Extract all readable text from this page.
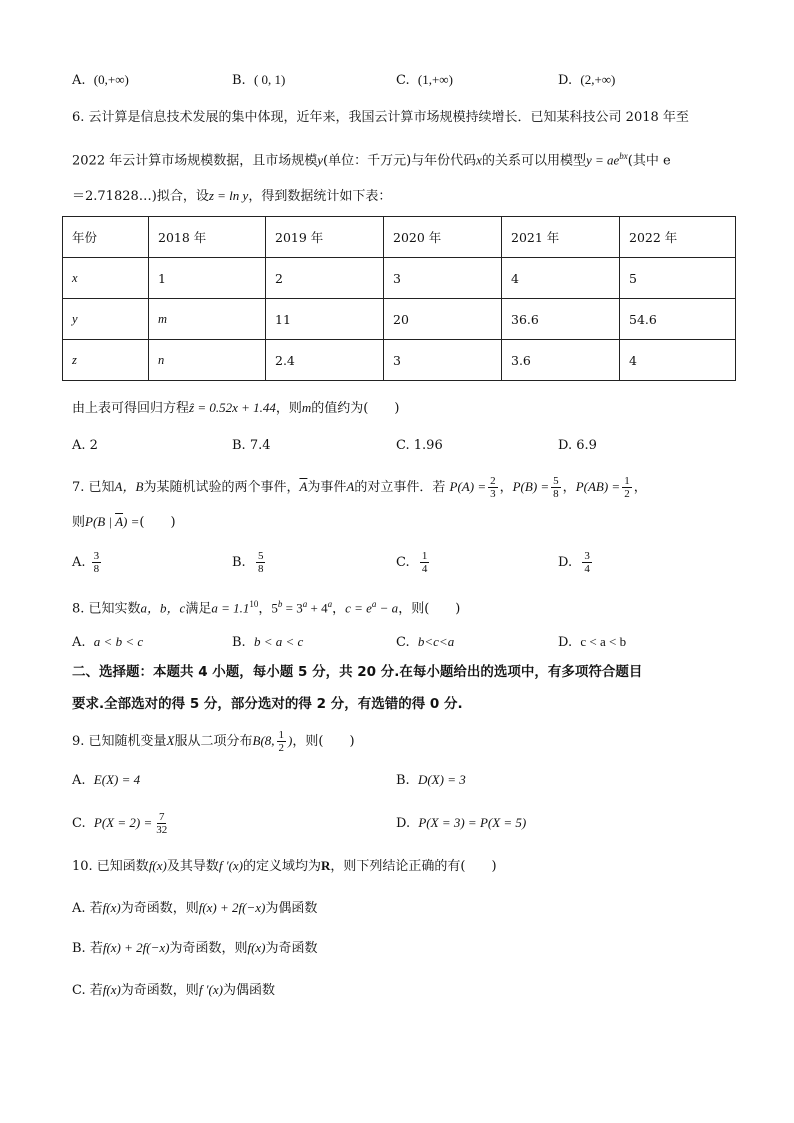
A. (0,+∞)	B. ( 0, 1)	C. (1,+∞)	D. (2,+∞)
6. 云计算是信息技术发展的集中体现，近年来，我国云计算市场规模持续增长．已知某科技公司 2018 年至
2022 年云计算市场规模数据，且市场规模y(单位：千万元)与年份代码x的关系可以用模型$y = ae^{bx}$(其中 e
＝2.71828…)拟合，设z = ln y，得到数据统计如下表：
年份	2018 年	2019 年	2020 年	2021 年	2022 年
x	1	2	3	4	5
y	m	11	20	36.6	54.6
z	n	2.4	3	3.6	4
由上表可得回归方程ẑ = 0.52x + 1.44，则m的值约为(　　)
A. 2	B. 7.4	C. 1.96	D. 6.9
7. 已知A，B为某随机试验的两个事件，$\overline{A}$为事件A的对立事件．若 $P(A) = \frac{2}{3}$ ，$P(B) = \frac{5}{8}$ ，$P(AB) = \frac{1}{2}$ ，
则P(B | $\overline{A}$) =(　　)
A. $\frac{3}{8}$	B. $\frac{5}{8}$	C. $\frac{1}{4}$	D. $\frac{3}{4}$
8. 已知实数a，b，c满足$a = 1.1^{10}$，$5^b = 3^a + 4^a$，$c = e^a - a$，则(　　)
A. a < b < c	B. b < a < c	C. b<c<a	D. c < a < b
二、选择题：本题共 4 小题，每小题 5 分，共 20 分.在每小题给出的选项中，有多项符合题目
要求.全部选对的得 5 分，部分选对的得 2 分，有选错的得 0 分.
9. 已知随机变量X服从二项分布B(8, $\frac{1}{2}$ )，则(　　)
A. E(X) = 4	B. D(X) = 3
C. $P(X = 2) = \frac{7}{32}$	D. P(X = 3) = P(X = 5)
10. 已知函数f(x)及其导数f ′(x)的定义域均为R，则下列结论正确的有(　　)
A. 若f(x)为奇函数，则f(x) + 2f(−x)为偶函数
B. 若f(x) + 2f(−x)为奇函数，则f(x)为奇函数
C. 若f(x)为奇函数，则f ′(x)为偶函数
